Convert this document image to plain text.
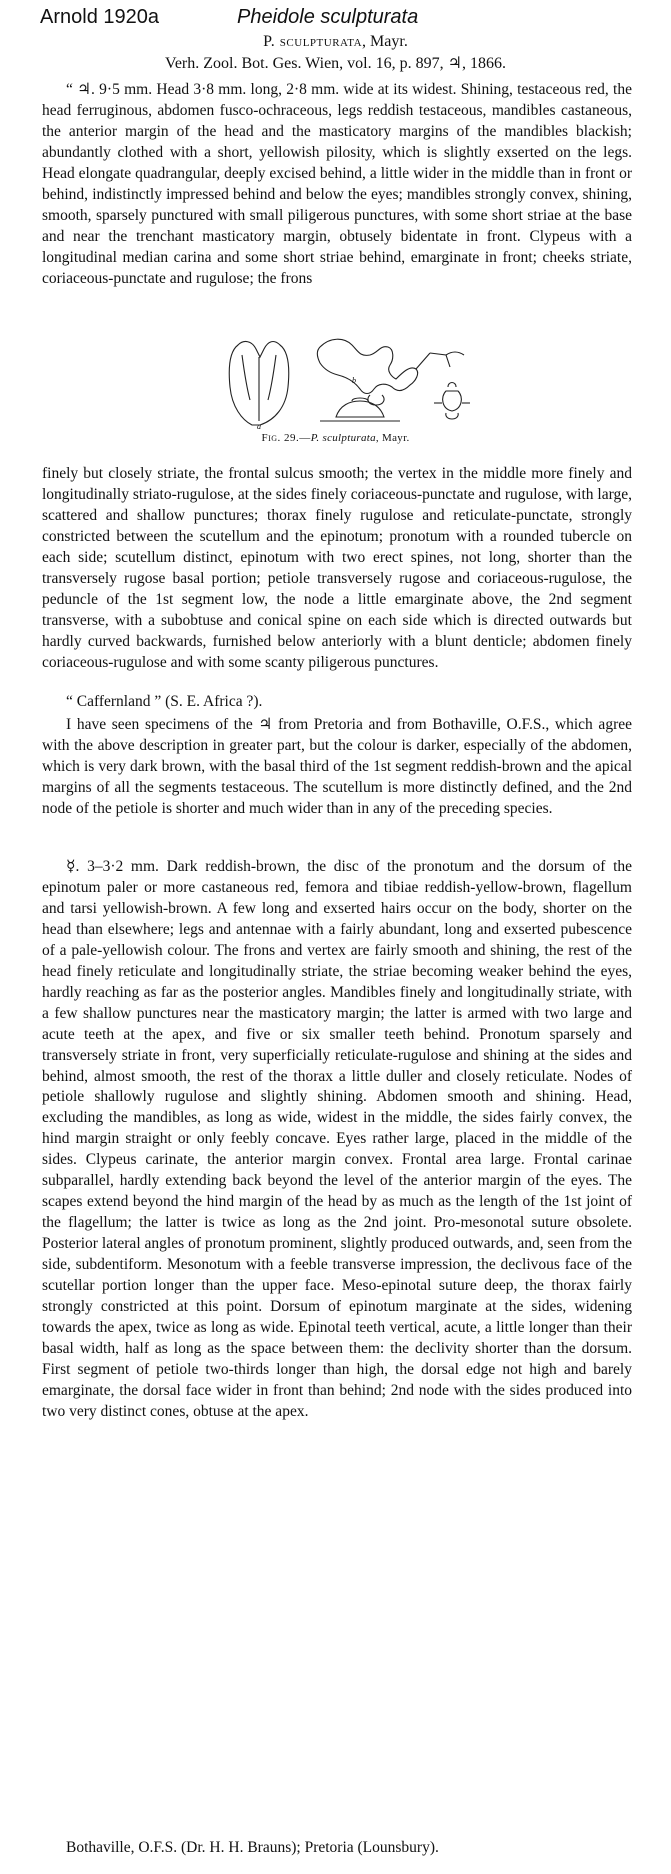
Arnold 1920a	Pheidole sculpturata
P. sculpturata, Mayr.
Verh. Zool. Bot. Ges. Wien, vol. 16, p. 897, ♃, 1866.

“ ♃. 9·5 mm. Head 3·8 mm. long, 2·8 mm. wide at its widest. Shining, testaceous red, the head ferruginous, abdomen fusco-ochraceous, legs reddish testaceous, mandibles castaneous, the anterior margin of the head and the masticatory margins of the mandibles blackish; abundantly clothed with a short, yellowish pilosity, which is slightly exserted on the legs. Head elongate quadrangular, deeply excised behind, a little wider in the middle than in front or behind, indistinctly impressed behind and below the eyes; mandibles strongly convex, shining, smooth, sparsely punctured with small piligerous punctures, with some short striae at the base and near the trenchant masticatory margin, obtusely bidentate in front. Clypeus with a longitudinal median carina and some short striae behind, emarginate in front; cheeks striate, coriaceous-punctate and rugulose; the frons

a
b
Fig. 29.—P. sculpturata, Mayr.

finely but closely striate, the frontal sulcus smooth; the vertex in the middle more finely and longitudinally striato-rugulose, at the sides finely coriaceous-punctate and rugulose, with large, scattered and shallow punctures; thorax finely rugulose and reticulate-punctate, strongly constricted between the scutellum and the epinotum; pronotum with a rounded tubercle on each side; scutellum distinct, epinotum with two erect spines, not long, shorter than the transversely rugose basal portion; petiole transversely rugose and coriaceous-rugulose, the peduncle of the 1st segment low, the node a little emarginate above, the 2nd segment transverse, with a subobtuse and conical spine on each side which is directed outwards but hardly curved backwards, furnished below anteriorly with a blunt denticle; abdomen finely coriaceous-rugulose and with some scanty piligerous punctures.

“ Caffernland ” (S. E. Africa ?).

I have seen specimens of the ♃ from Pretoria and from Bothaville, O.F.S., which agree with the above description in greater part, but the colour is darker, especially of the abdomen, which is very dark brown, with the basal third of the 1st segment reddish-brown and the apical margins of all the segments testaceous. The scutellum is more distinctly defined, and the 2nd node of the petiole is shorter and much wider than in any of the preceding species.

☿. 3–3·2 mm. Dark reddish-brown, the disc of the pronotum and the dorsum of the epinotum paler or more castaneous red, femora and tibiae reddish-yellow-brown, flagellum and tarsi yellowish-brown. A few long and exserted hairs occur on the body, shorter on the head than elsewhere; legs and antennae with a fairly abundant, long and exserted pubescence of a pale-yellowish colour. The frons and vertex are fairly smooth and shining, the rest of the head finely reticulate and longitudinally striate, the striae becoming weaker behind the eyes, hardly reaching as far as the posterior angles. Mandibles finely and longitudinally striate, with a few shallow punctures near the masticatory margin; the latter is armed with two large and acute teeth at the apex, and five or six smaller teeth behind. Pronotum sparsely and transversely striate in front, very superficially reticulate-rugulose and shining at the sides and behind, almost smooth, the rest of the thorax a little duller and closely reticulate. Nodes of petiole shallowly rugulose and slightly shining. Abdomen smooth and shining. Head, excluding the mandibles, as long as wide, widest in the middle, the sides fairly convex, the hind margin straight or only feebly concave. Eyes rather large, placed in the middle of the sides. Clypeus carinate, the anterior margin convex. Frontal area large. Frontal carinae subparallel, hardly extending back beyond the level of the anterior margin of the eyes. The scapes extend beyond the hind margin of the head by as much as the length of the 1st joint of the flagellum; the latter is twice as long as the 2nd joint. Pro-mesonotal suture obsolete. Posterior lateral angles of pronotum prominent, slightly produced outwards, and, seen from the side, subdentiform. Mesonotum with a feeble transverse impression, the declivous face of the scutellar portion longer than the upper face. Meso-epinotal suture deep, the thorax fairly strongly constricted at this point. Dorsum of epinotum marginate at the sides, widening towards the apex, twice as long as wide. Epinotal teeth vertical, acute, a little longer than their basal width, half as long as the space between them: the declivity shorter than the dorsum. First segment of petiole two-thirds longer than high, the dorsal edge not high and barely emarginate, the dorsal face wider in front than behind; 2nd node with the sides produced into two very distinct cones, obtuse at the apex.

Bothaville, O.F.S. (Dr. H. H. Brauns); Pretoria (Lounsbury).
